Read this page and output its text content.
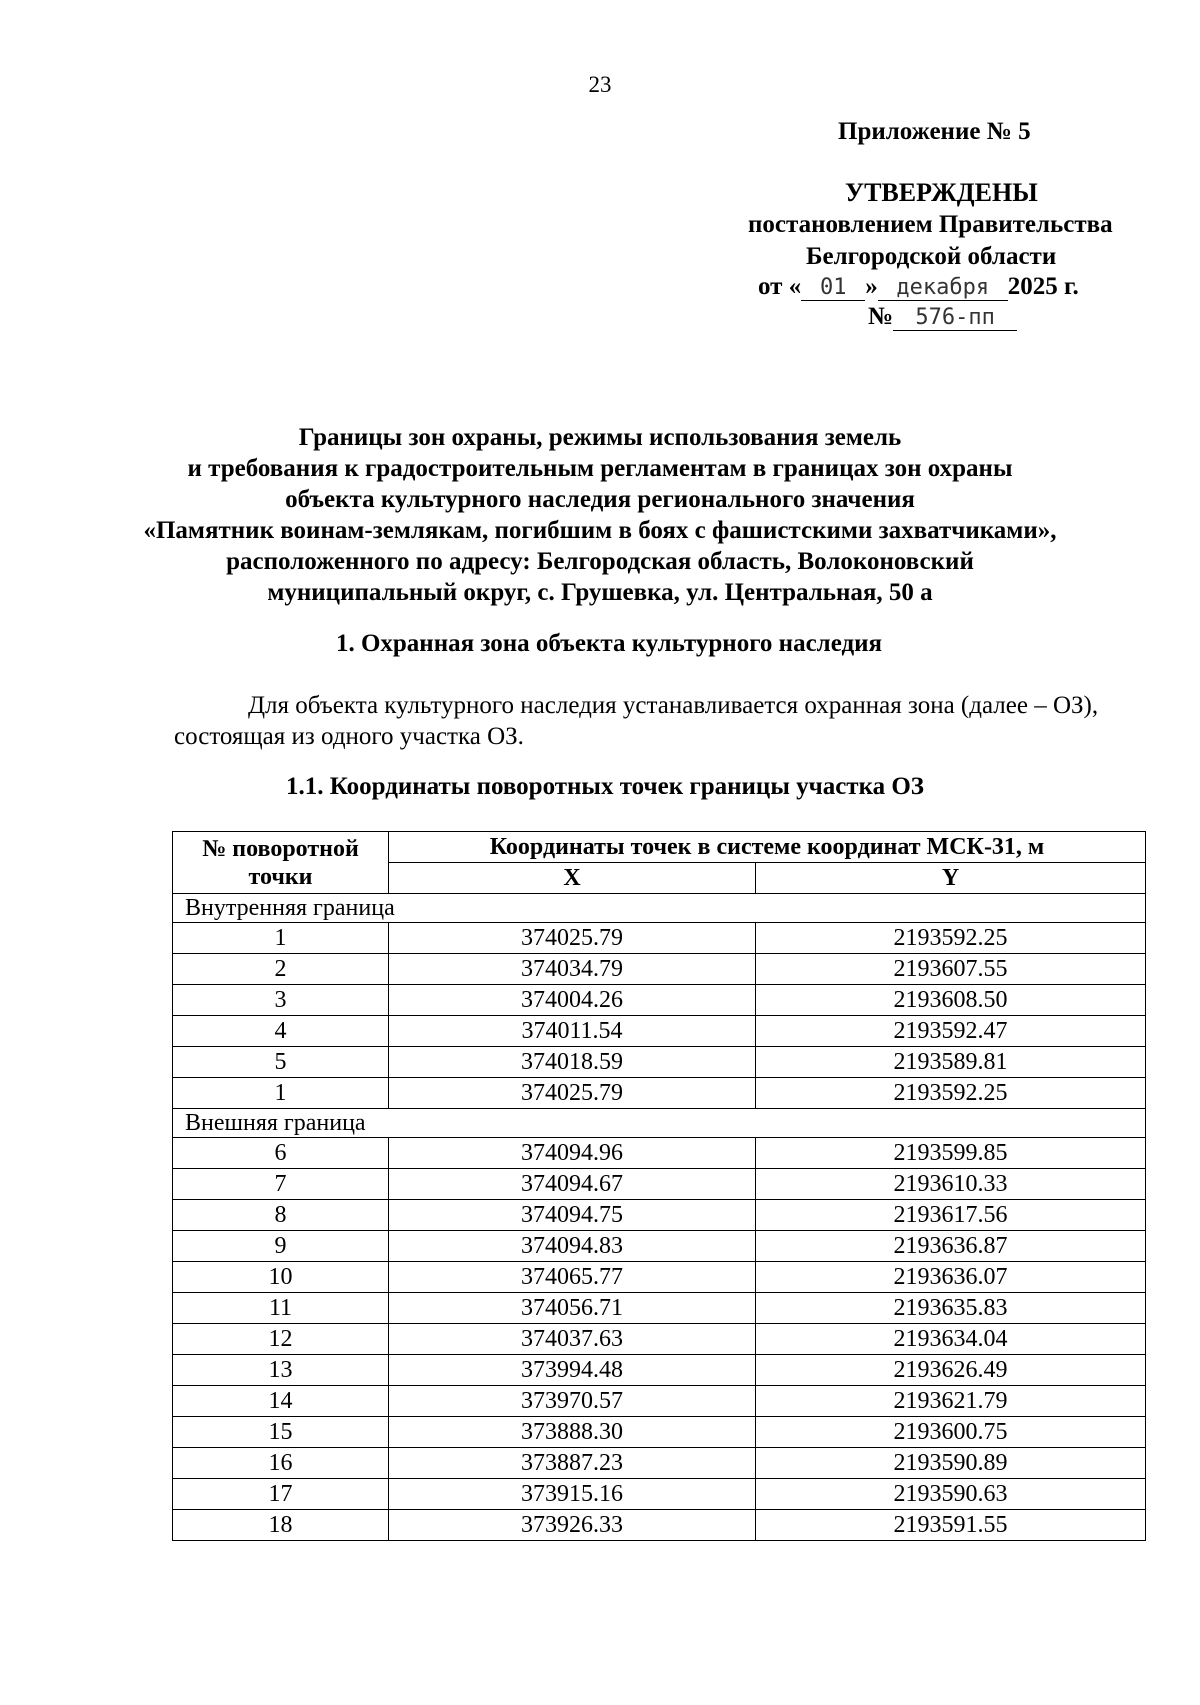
23
Приложение № 5
УТВЕРЖДЕНЫ
постановлением Правительства
Белгородской области
от « 01 » декабря 2025 г.
№ 576-пп
Границы зон охраны, режимы использования земель
и требования к градостроительным регламентам в границах зон охраны
объекта культурного наследия регионального значения
«Памятник воинам-землякам, погибшим в боях с фашистскими захватчиками»,
расположенного по адресу: Белгородская область, Волоконовский
муниципальный округ, с. Грушевка, ул. Центральная, 50 а
1. Охранная зона объекта культурного наследия
Для объекта культурного наследия устанавливается охранная зона (далее – ОЗ), состоящая из одного участка ОЗ.
1.1. Координаты поворотных точек границы участка ОЗ
№ поворотной точки	Координаты точек в системе координат МСК-31, м	
	X	Y
Внутренняя граница		
1	374025.79	2193592.25
2	374034.79	2193607.55
3	374004.26	2193608.50
4	374011.54	2193592.47
5	374018.59	2193589.81
1	374025.79	2193592.25
Внешняя граница		
6	374094.96	2193599.85
7	374094.67	2193610.33
8	374094.75	2193617.56
9	374094.83	2193636.87
10	374065.77	2193636.07
11	374056.71	2193635.83
12	374037.63	2193634.04
13	373994.48	2193626.49
14	373970.57	2193621.79
15	373888.30	2193600.75
16	373887.23	2193590.89
17	373915.16	2193590.63
18	373926.33	2193591.55
